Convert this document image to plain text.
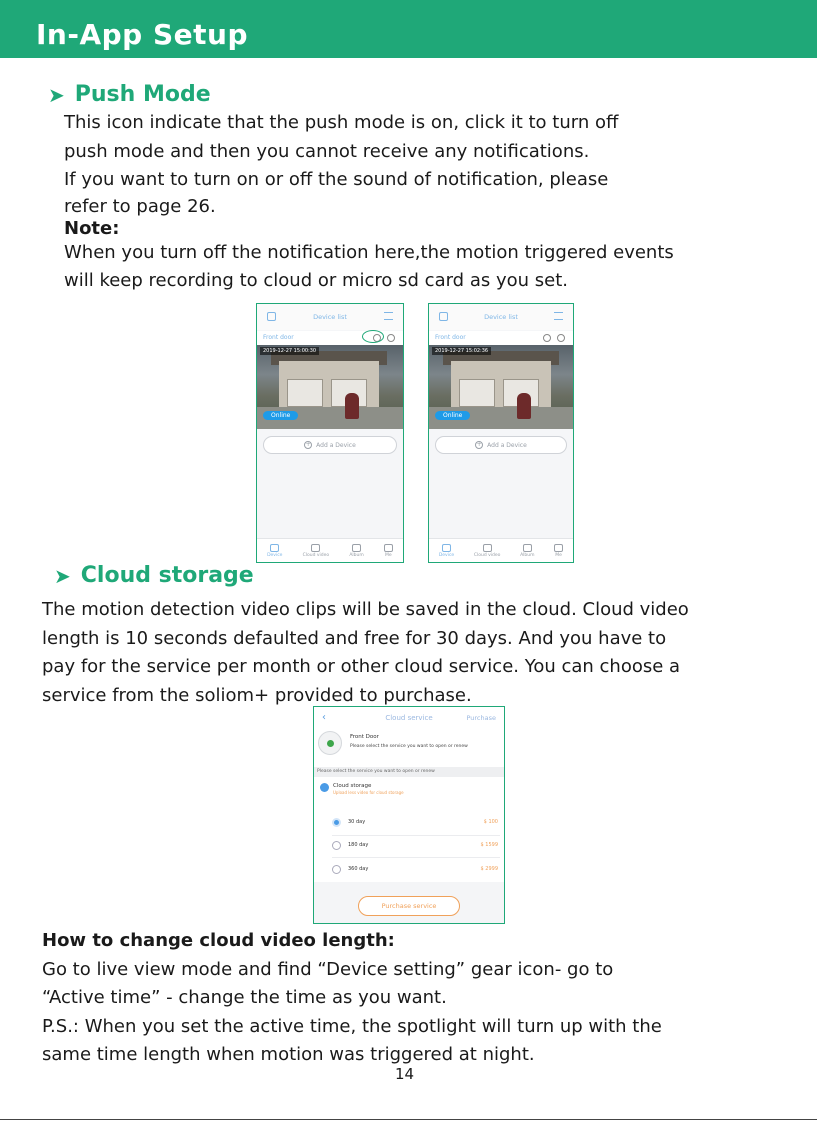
In-App Setup
➤ Push Mode

This icon indicate that the push mode is on, click it to turn off

push mode and then you cannot receive any notifications.

If you want to turn on or off the sound of notification, please

refer to page 26.

Note:

When you turn off the notification here,the motion triggered events

will keep recording to cloud or micro sd card as you set.

Device list
Front door
2019-12-27 15:00:30
Online
+ Add a Device
Device	Cloud video	Album	Me
Device list
Front door
2019-12-27 15:02:36
Online
+ Add a Device
Device	Cloud video	Album	Me
➤ Cloud storage

The motion detection video clips will be saved in the cloud. Cloud video

length is 10 seconds defaulted and free for 30 days. And you have to

pay for the service per month or other cloud service. You can choose a

service from the soliom+ provided to purchase.

‹	Cloud service	Purchase
Front Door
Please select the service you want to open or renew
Please select the service you want to open or renew
Cloud storage
Upload less video for cloud storage
30 day	$ 100
180 day	$ 1599
360 day	$ 2999
Purchase service

How to change cloud video length:

Go to live view mode and find “Device setting” gear icon- go to

“Active time” - change the time as you want.

P.S.: When you set the active time, the spotlight will turn up with the

same time length when motion was triggered at night.

14
